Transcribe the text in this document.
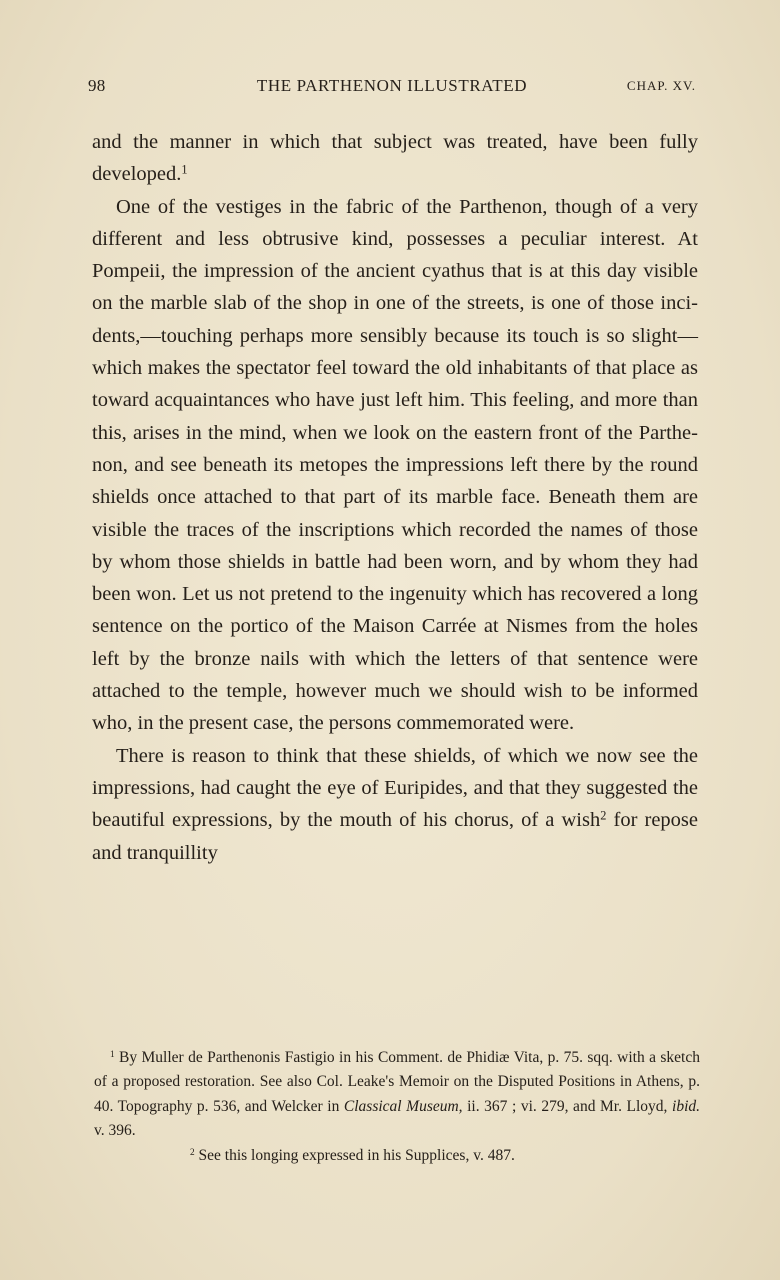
98	THE PARTHENON ILLUSTRATED	CHAP. XV.

and the manner in which that subject was treated, have been fully developed.$^1$

One of the vestiges in the fabric of the Parthenon, though of a very different and less obtrusive kind, possesses a peculiar interest. At Pompeii, the impression of the ancient cyathus that is at this day visible on the marble slab of the shop in one of the streets, is one of those incidents,—touching perhaps more sensibly because its touch is so slight—which makes the spectator feel toward the old inhabitants of that place as toward acquaintances who have just left him. This feeling, and more than this, arises in the mind, when we look on the eastern front of the Parthenon, and see beneath its metopes the impressions left there by the round shields once attached to that part of its marble face. Beneath them are visible the traces of the inscriptions which recorded the names of those by whom those shields in battle had been worn, and by whom they had been won. Let us not pretend to the ingenuity which has recovered a long sentence on the portico of the Maison Carrée at Nismes from the holes left by the bronze nails with which the letters of that sentence were attached to the temple, however much we should wish to be informed who, in the present case, the persons commemorated were.

There is reason to think that these shields, of which we now see the impressions, had caught the eye of Euripides, and that they suggested the beautiful expressions, by the mouth of his chorus, of a wish$^2$ for repose and tranquillity

$^1$ By Muller de Parthenonis Fastigio in his Comment. de Phidiæ Vita, p. 75. sqq. with a sketch of a proposed restoration. See also Col. Leake's Memoir on the Disputed Positions in Athens, p. 40. Topography p. 536, and Welcker in Classical Museum, ii. 367 ; vi. 279, and Mr. Lloyd, ibid. v. 396.

$^2$ See this longing expressed in his Supplices, v. 487.
